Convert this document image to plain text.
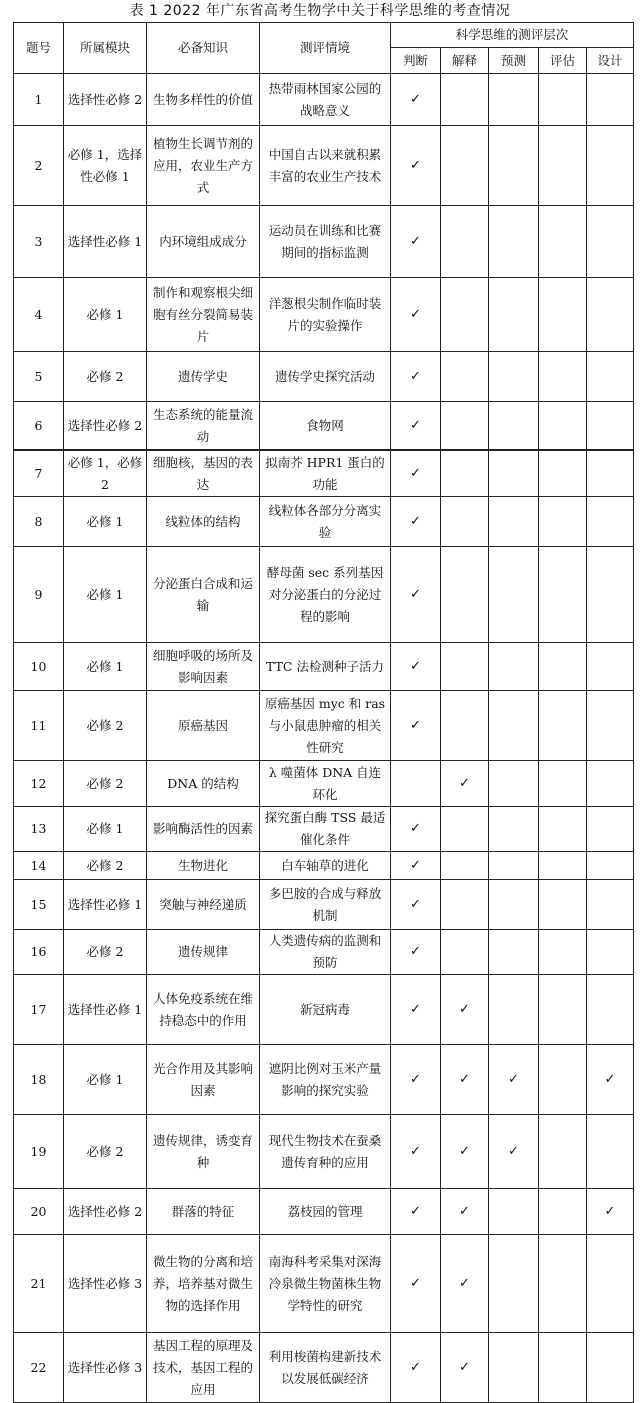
表 1 2022 年广东省高考生物学中关于科学思维的考查情况
题号	所属模块	必备知识	测评情境	科学思维的测评层次				
				判断	解释	预测	评估	设计
1	选择性必修 2	生物多样性的价值	热带雨林国家公园的战略意义	✓				
2	必修 1，选择性必修 1	植物生长调节剂的应用，农业生产方式	中国自古以来就积累丰富的农业生产技术	✓				
3	选择性必修 1	内环境组成成分	运动员在训练和比赛期间的指标监测	✓				
4	必修 1	制作和观察根尖细胞有丝分裂简易装片	洋葱根尖制作临时装片的实验操作	✓				
5	必修 2	遗传学史	遗传学史探究活动	✓				
6	选择性必修 2	生态系统的能量流动	食物网	✓				
7	必修 1，必修 2	细胞核，基因的表达	拟南芥 HPR1 蛋白的功能	✓				
8	必修 1	线粒体的结构	线粒体各部分分离实验	✓				
9	必修 1	分泌蛋白合成和运输	酵母菌 sec 系列基因对分泌蛋白的分泌过程的影响	✓				
10	必修 1	细胞呼吸的场所及影响因素	TTC 法检测种子活力	✓				
11	必修 2	原癌基因	原癌基因 myc 和 ras 与小鼠患肿瘤的相关性研究	✓				
12	必修 2	DNA 的结构	λ 噬菌体 DNA 自连环化		✓			
13	必修 1	影响酶活性的因素	探究蛋白酶 TSS 最适催化条件	✓				
14	必修 2	生物进化	白车轴草的进化	✓				
15	选择性必修 1	突触与神经递质	多巴胺的合成与释放机制	✓				
16	必修 2	遗传规律	人类遗传病的监测和预防	✓				
17	选择性必修 1	人体免疫系统在维持稳态中的作用	新冠病毒	✓	✓			
18	必修 1	光合作用及其影响因素	遮阴比例对玉米产量影响的探究实验	✓	✓	✓		✓
19	必修 2	遗传规律，诱变育种	现代生物技术在蚕桑遗传育种的应用	✓	✓	✓		
20	选择性必修 2	群落的特征	荔枝园的管理	✓	✓			✓
21	选择性必修 3	微生物的分离和培养，培养基对微生物的选择作用	南海科考采集对深海冷泉微生物菌株生物学特性的研究	✓	✓			
22	选择性必修 3	基因工程的原理及技术，基因工程的应用	利用梭菌构建新技术以发展低碳经济	✓	✓			
